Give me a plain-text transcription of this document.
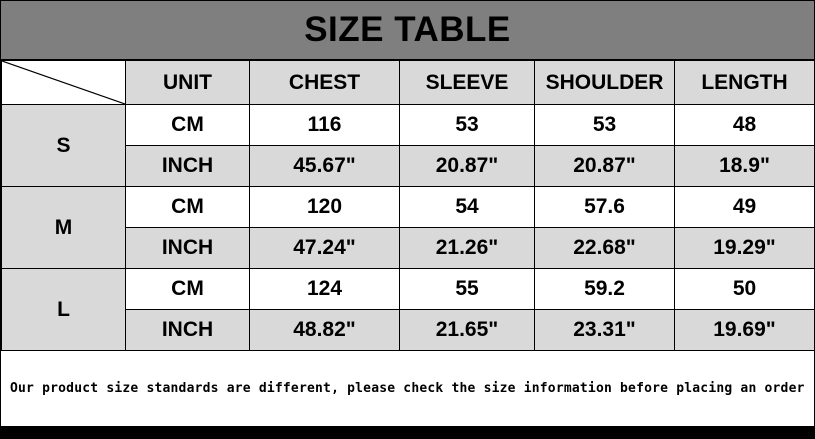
SIZE TABLE
	UNIT	CHEST	SLEEVE	SHOULDER	LENGTH
S	CM	116	53	53	48
	INCH	45.67"	20.87"	20.87"	18.9"
M	CM	120	54	57.6	49
	INCH	47.24"	21.26"	22.68"	19.29"
L	CM	124	55	59.2	50
	INCH	48.82"	21.65"	23.31"	19.69"
Our product size standards are different, please check the size information before placing an order
